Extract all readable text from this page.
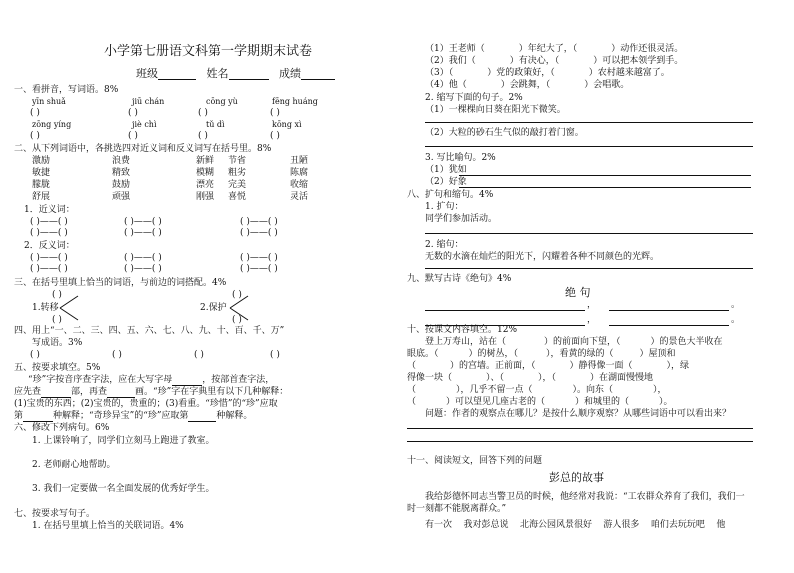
小学第七册语文科第一学期期末试卷
班级	姓名	成绩
一、看拼音，写词语。8%
yīn shuǎ	jiū chán	cōng yù	fēng huáng
( )	( )	( )	( )
zōng yíng	jiè chì	tǔ dì	kōng xì
( )	( )	( )	( )
二、从下列词语中，各挑选四对近义词和反义词写在括号里。8%
激励	浪费	新鲜 节省	丑陋
敏捷	精致	模糊 粗劣	陈腐
朦胧	鼓励	漂亮 完美	收缩
舒展	顽强	刚强 喜悦	灵活
1．近义词：
( )——( )	( )——( )	( )——( )
( )——( )	( )——( )	( )——( )
2．反义词：
( )——( )	( )——( )	( )——( )
( )——( )	( )——( )	( )——( )
三、在括号里填上恰当的词语，与前边的词搭配。4%
( )	( )
1.转移	2.保护
( )	( )
四、用上“一、二、三、四、五、六、七、八、九、十、百、千、万”
写成语。3%
( )	( )	( )	( )
五、按要求填空。5%
“珍”字按音序查字法，应在大写字母	，按部首查字法，
应先查	部，再查	画。“珍”字在字典里有以下几种解释：
(1)宝贵的东西；(2)宝贵的，贵重的；(3)看重。“珍惜”的“珍”应取
第	种解释；“奇珍异宝”的“珍”应取第	种解释。
六、修改下列病句。6%
1. 上课铃响了，同学们立刻马上跑进了教室。
2. 老师耐心地帮助。
3. 我们一定要做一名全面发展的优秀好学生。
七、按要求写句子。
1. 在括号里填上恰当的关联词语。4%
（1）王老师（	）年纪大了，（	）动作还很灵活。
（2）我们（	）有决心，（	）可以把本领学到手。
（3）（	）党的政策好，（	）农村越来越富了。
（4）他（	）会跳舞，（	）会唱歌。
2. 缩写下面的句子。2%
（1）一棵棵向日葵在阳光下微笑。
（2）大粒的砂石生气似的敲打着门窗。
3. 写比喻句。2%
（1）犹如
（2）好象
八、扩句和缩句。4%
1. 扩句：
同学们参加活动。
2. 缩句：
无数的水滴在灿烂的阳光下，闪耀着各种不同颜色的光辉。
九、默写古诗《绝句》4%
绝 句
，	。
，	。
十、按课文内容填空。12%
登上万寿山，站在（	）的前面向下望，（	）的景色大半收在
眼底。（	）的树丛，（	），看黄的绿的（	）屋顶和
（	）的宫墙。正前面，（	）静得像一面（	），绿
得像一块（	）、（	），（	）在湖面慢慢地
（	），几乎不留一点（	）。向东（	），
（	）可以望见几座古老的（	）和城里的（	）。
问题：作者的观察点在哪儿？是按什么顺序观察？从哪些词语中可以看出来？
十一、阅读短文，回答下列的问题
彭总的故事
我给彭德怀同志当警卫员的时候，他经常对我说：“工农群众养育了我们，我们一
时一刻都不能脱离群众。”
有一次 我对彭总说 北海公园风景很好 游人很多 咱们去玩玩吧 他
